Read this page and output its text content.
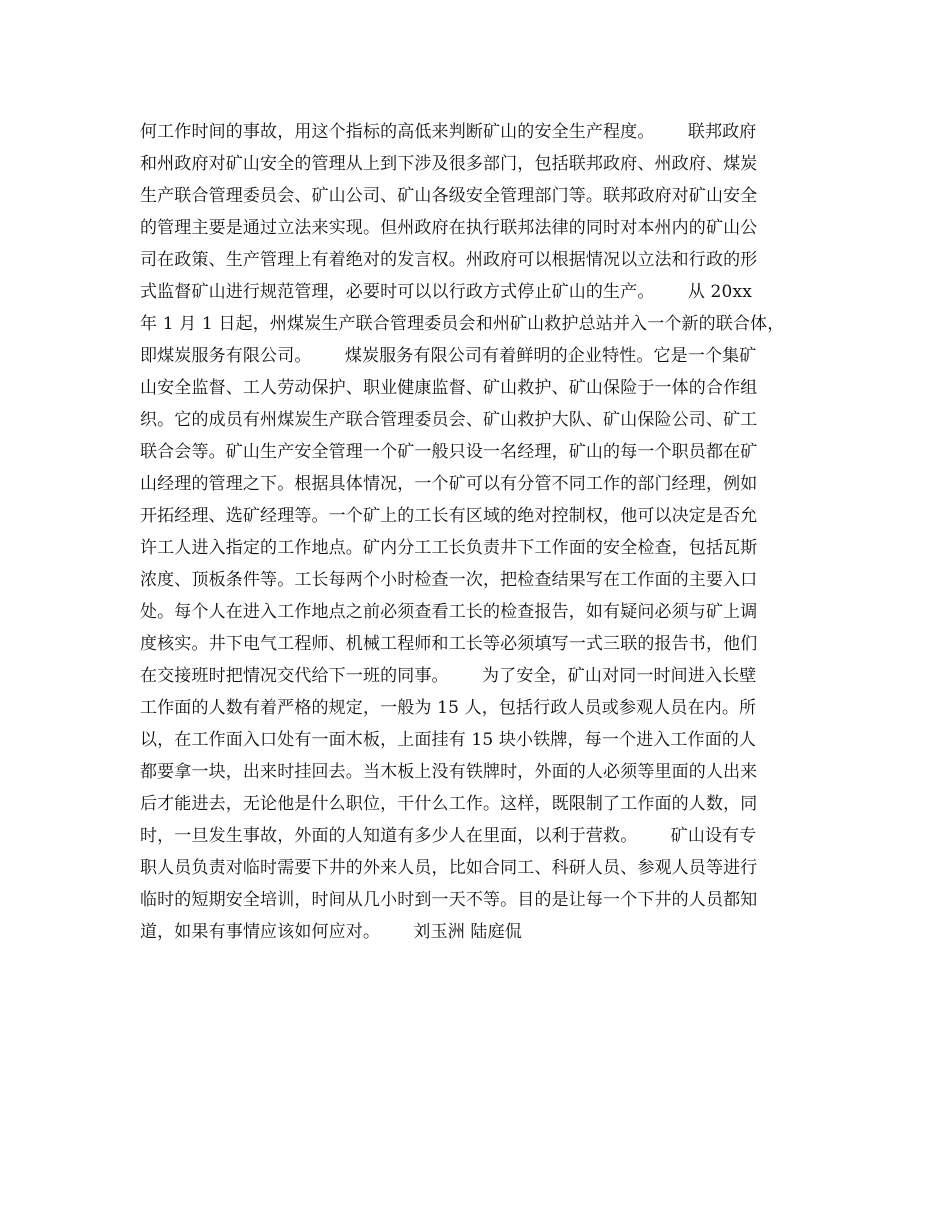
何工作时间的事故，用这个指标的高低来判断矿山的安全生产程度。      联邦政府
和州政府对矿山安全的管理从上到下涉及很多部门，包括联邦政府、州政府、煤炭
生产联合管理委员会、矿山公司、矿山各级安全管理部门等。联邦政府对矿山安全
的管理主要是通过立法来实现。但州政府在执行联邦法律的同时对本州内的矿山公
司在政策、生产管理上有着绝对的发言权。州政府可以根据情况以立法和行政的形
式监督矿山进行规范管理，必要时可以以行政方式停止矿山的生产。      从 20xx
年 1 月 1 日起，州煤炭生产联合管理委员会和州矿山救护总站并入一个新的联合体，
即煤炭服务有限公司。      煤炭服务有限公司有着鲜明的企业特性。它是一个集矿
山安全监督、工人劳动保护、职业健康监督、矿山救护、矿山保险于一体的合作组
织。它的成员有州煤炭生产联合管理委员会、矿山救护大队、矿山保险公司、矿工
联合会等。矿山生产安全管理一个矿一般只设一名经理，矿山的每一个职员都在矿
山经理的管理之下。根据具体情况，一个矿可以有分管不同工作的部门经理，例如
开拓经理、选矿经理等。一个矿上的工长有区域的绝对控制权，他可以决定是否允
许工人进入指定的工作地点。矿内分工工长负责井下工作面的安全检查，包括瓦斯
浓度、顶板条件等。工长每两个小时检查一次，把检查结果写在工作面的主要入口
处。每个人在进入工作地点之前必须查看工长的检查报告，如有疑问必须与矿上调
度核实。井下电气工程师、机械工程师和工长等必须填写一式三联的报告书，他们
在交接班时把情况交代给下一班的同事。      为了安全，矿山对同一时间进入长壁
工作面的人数有着严格的规定，一般为 15 人，包括行政人员或参观人员在内。所
以，在工作面入口处有一面木板，上面挂有 15 块小铁牌，每一个进入工作面的人
都要拿一块，出来时挂回去。当木板上没有铁牌时，外面的人必须等里面的人出来
后才能进去，无论他是什么职位，干什么工作。这样，既限制了工作面的人数，同
时，一旦发生事故，外面的人知道有多少人在里面，以利于营救。      矿山设有专
职人员负责对临时需要下井的外来人员，比如合同工、科研人员、参观人员等进行
临时的短期安全培训，时间从几小时到一天不等。目的是让每一个下井的人员都知
道，如果有事情应该如何应对。      刘玉洲 陆庭侃
